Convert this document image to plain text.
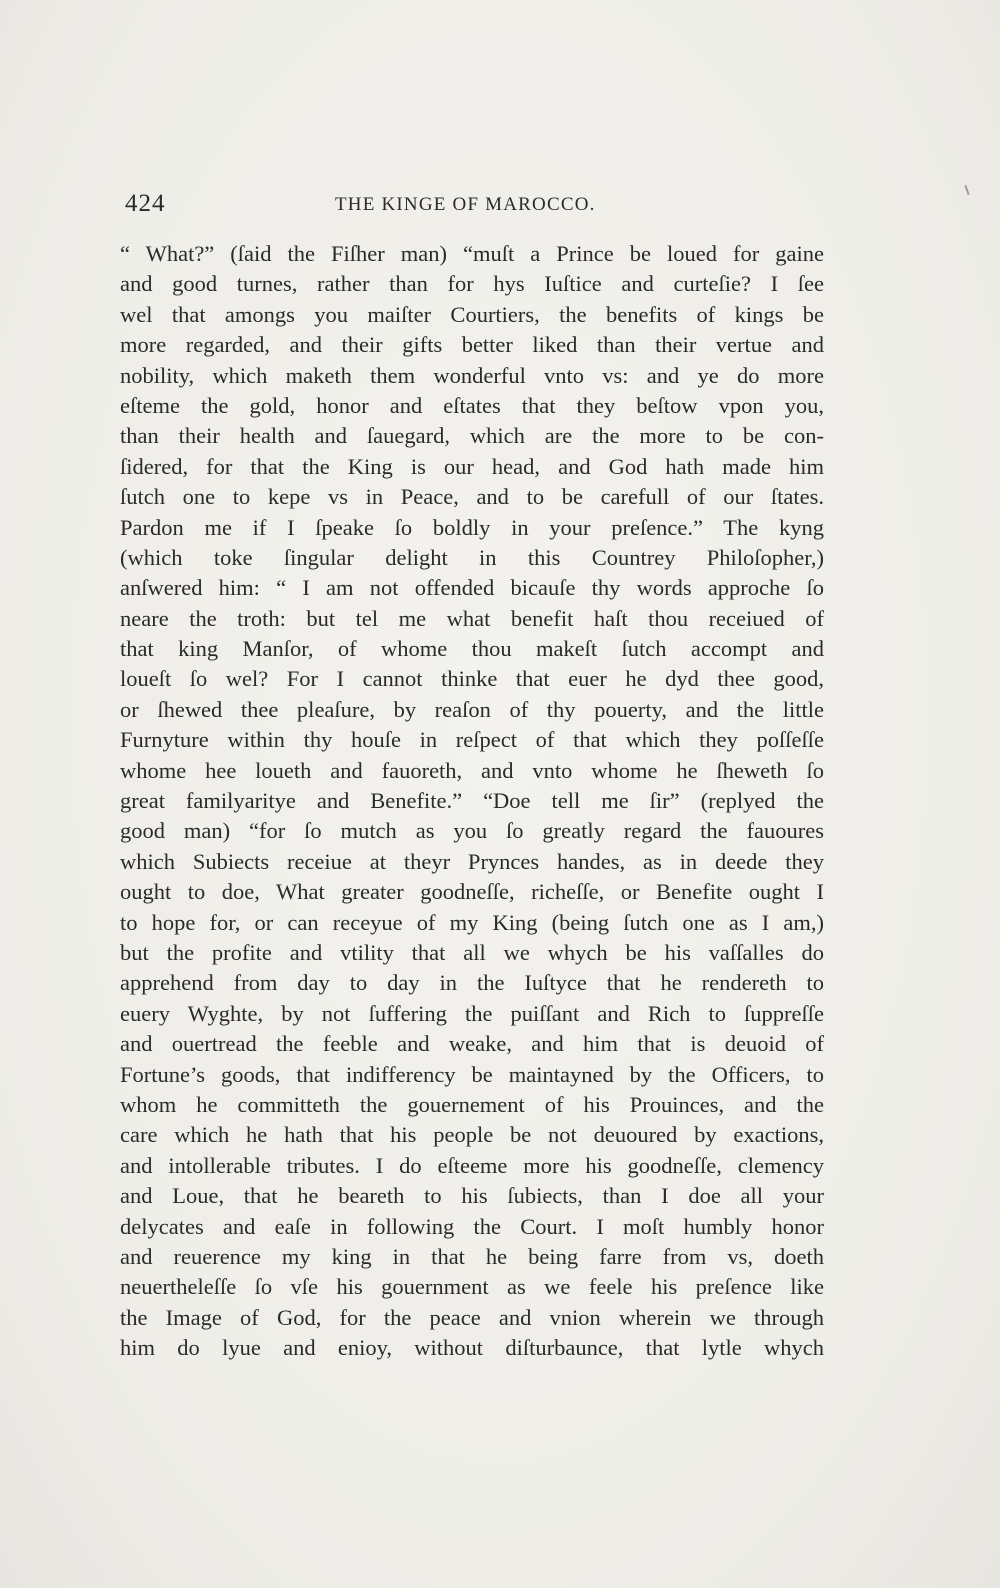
424	THE KINGE OF MAROCCO.
“ What?” (ſaid the Fiſher man) “muſt a Prince be loued for gaine
and good turnes, rather than for hys Iuſtice and curteſie? I ſee
wel that amongs you maiſter Courtiers, the benefits of kings be
more regarded, and their gifts better liked than their vertue and
nobility, which maketh them wonderful vnto vs: and ye do more
eſteme the gold, honor and eſtates that they beſtow vpon you,
than their health and ſauegard, which are the more to be con-
ſidered, for that the King is our head, and God hath made him
ſutch one to kepe vs in Peace, and to be carefull of our ſtates.
Pardon me if I ſpeake ſo boldly in your preſence.” The kyng
(which toke ſingular delight in this Countrey Philoſopher,)
anſwered him: “ I am not offended bicauſe thy words approche ſo
neare the troth: but tel me what benefit haſt thou receiued of
that king Manſor, of whome thou makeſt ſutch accompt and
loueſt ſo wel? For I cannot thinke that euer he dyd thee good,
or ſhewed thee pleaſure, by reaſon of thy pouerty, and the little
Furnyture within thy houſe in reſpect of that which they poſſeſſe
whome hee loueth and fauoreth, and vnto whome he ſheweth ſo
great familyaritye and Benefite.” “Doe tell me ſir” (replyed the
good man) “for ſo mutch as you ſo greatly regard the fauoures
which Subiects receiue at theyr Prynces handes, as in deede they
ought to doe, What greater goodneſſe, richeſſe, or Benefite ought I
to hope for, or can receyue of my King (being ſutch one as I am,)
but the profite and vtility that all we whych be his vaſſalles do
apprehend from day to day in the Iuſtyce that he rendereth to
euery Wyghte, by not ſuffering the puiſſant and Rich to ſuppreſſe
and ouertread the feeble and weake, and him that is deuoid of
Fortune’s goods, that indifferency be maintayned by the Officers, to
whom he committeth the gouernement of his Prouinces, and the
care which he hath that his people be not deuoured by exactions,
and intollerable tributes. I do eſteeme more his goodneſſe, clemency
and Loue, that he beareth to his ſubiects, than I doe all your
delycates and eaſe in following the Court. I moſt humbly honor
and reuerence my king in that he being farre from vs, doeth
neuertheleſſe ſo vſe his gouernment as we feele his preſence like
the Image of God, for the peace and vnion wherein we through
him do lyue and enioy, without diſturbaunce, that lytle whych
